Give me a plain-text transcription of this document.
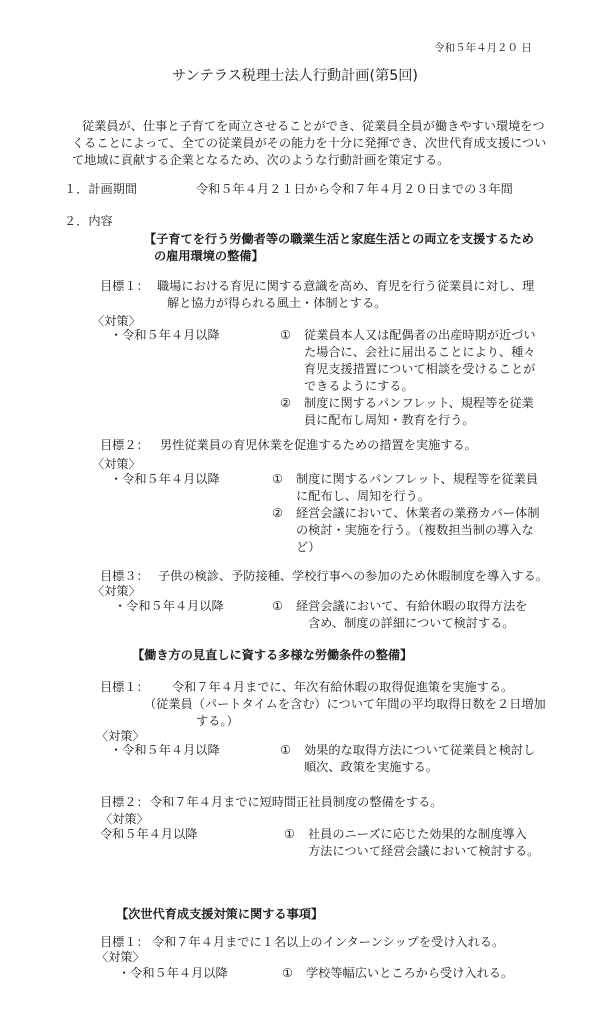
令和５年４月２０ 日
サンテラス税理士法人行動計画(第5回)
従業員が、仕事と子育てを両立させることができ、従業員全員が働きやすい環境をつ
くることによって、全ての従業員がその能力を十分に発揮でき、次世代育成支援につい
て地域に貢献する企業となるため、次のような行動計画を策定する。
１．計画期間	令和５年４月２１日から令和７年４月２０日までの３年間
２．内容
【子育てを行う労働者等の職業生活と家庭生活との両立を支援するため
の雇用環境の整備】
目標１： 職場における育児に関する意識を高め、育児を行う従業員に対し、理
解と協力が得られる風土・体制とする。
〈対策〉
・令和５年４月以降	① 従業員本人又は配偶者の出産時期が近づい
た場合に、会社に届出ることにより、種々
育児支援措置について相談を受けることが
できるようにする。
② 制度に関するパンフレット、規程等を従業
員に配布し周知・教育を行う。
目標２： 男性従業員の育児休業を促進するための措置を実施する。
〈対策〉
・令和５年４月以降	① 制度に関するパンフレット、規程等を従業員
に配布し、周知を行う。
② 経営会議において、休業者の業務カバー体制
の検討・実施を行う。（複数担当制の導入な
ど）
目標３： 子供の検診、予防接種、学校行事への参加のため休暇制度を導入する。
〈対策〉
・令和５年４月以降	① 経営会議において、有給休暇の取得方法を
含め、制度の詳細について検討する。
【働き方の見直しに資する多様な労働条件の整備】
目標１：	令和７年４月までに、年次有給休暇の取得促進策を実施する。
（従業員（パートタイムを含む）について年間の平均取得日数を２日増加
する。）
〈対策〉
・令和５年４月以降	① 効果的な取得方法について従業員と検討し
順次、政策を実施する。
目標２： 令和７年４月までに短時間正社員制度の整備をする。
〈対策〉
令和５年４月以降	① 社員のニーズに応じた効果的な制度導入
方法について経営会議において検討する。
【次世代育成支援対策に関する事項】
目標１： 令和７年４月までに１名以上のインターンシップを受け入れる。
〈対策〉
・令和５年４月以降	① 学校等幅広いところから受け入れる。
